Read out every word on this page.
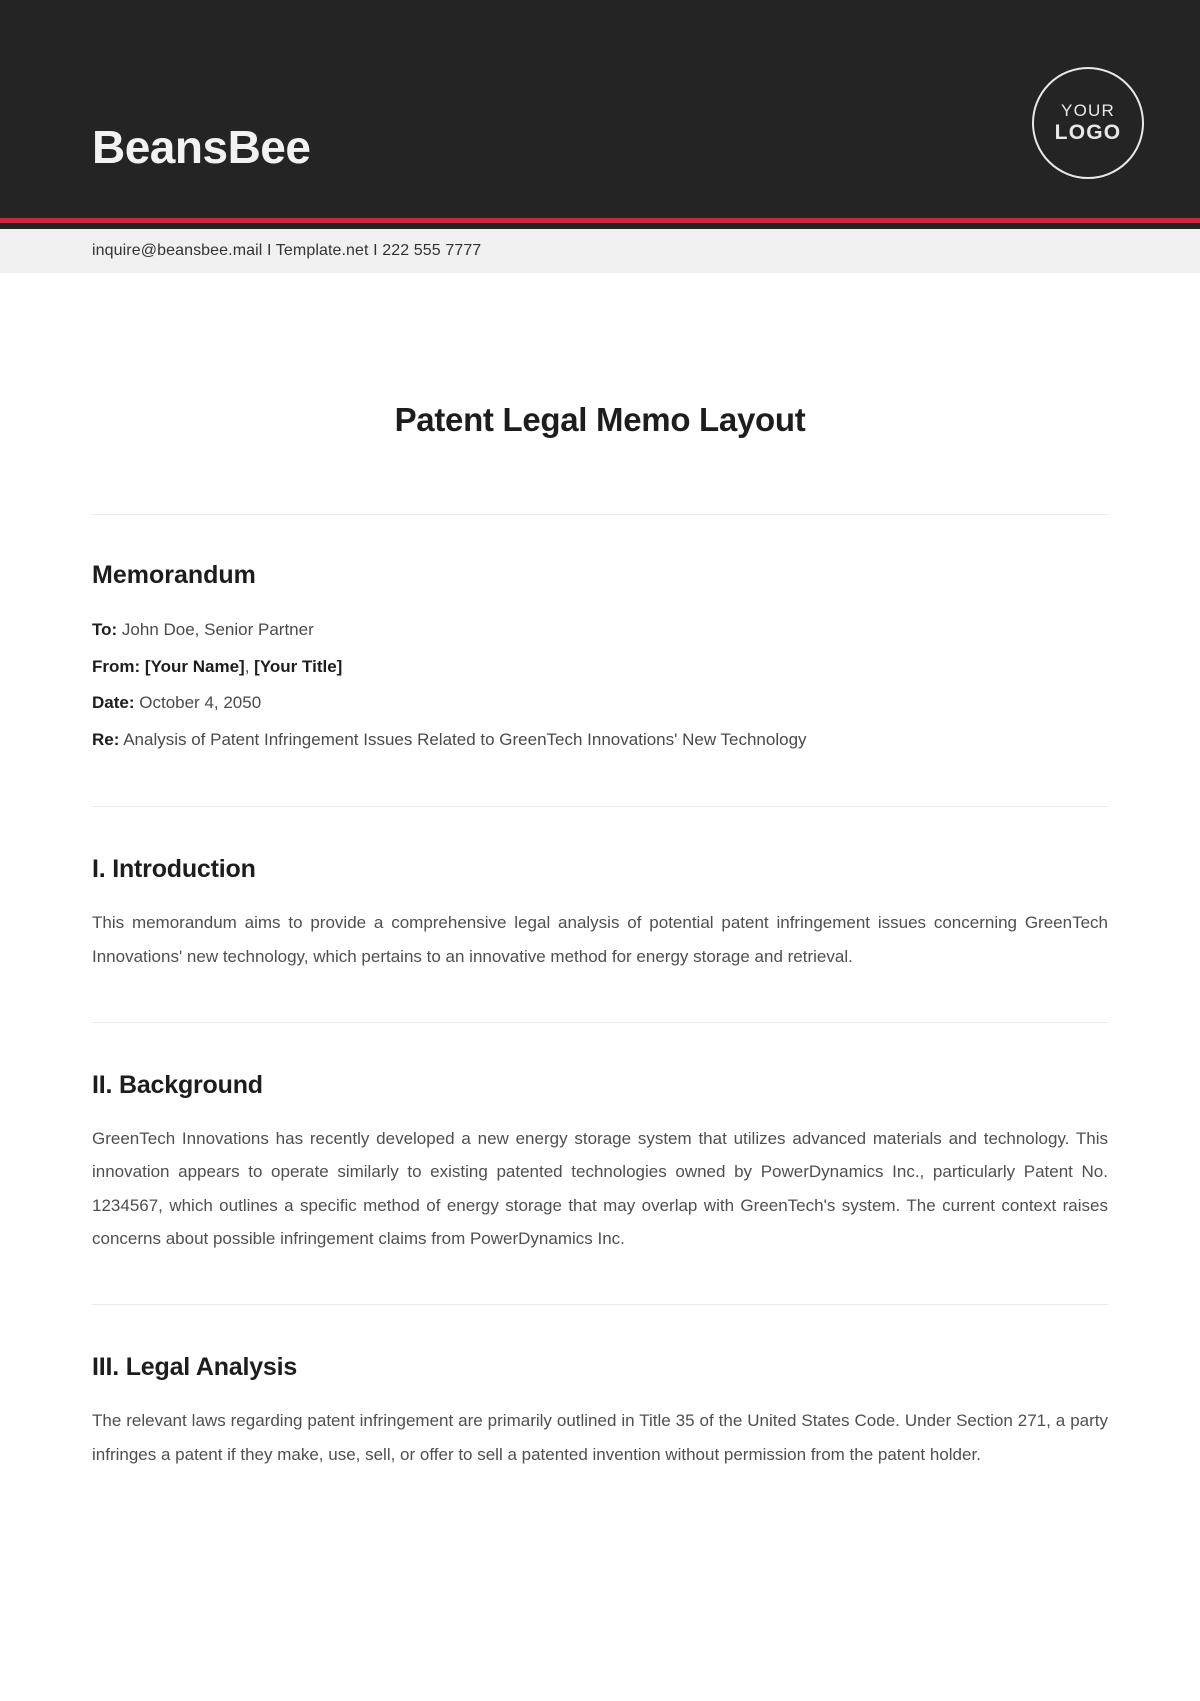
BeansBee
YOUR
LOGO
inquire@beansbee.mail I Template.net I 222 555 7777
Patent Legal Memo Layout
Memorandum
To: John Doe, Senior Partner
From: [Your Name], [Your Title]
Date: October 4, 2050
Re: Analysis of Patent Infringement Issues Related to GreenTech Innovations' New Technology
I. Introduction

This memorandum aims to provide a comprehensive legal analysis of potential patent infringement issues concerning GreenTech Innovations' new technology, which pertains to an innovative method for energy storage and retrieval.

II. Background

GreenTech Innovations has recently developed a new energy storage system that utilizes advanced materials and technology. This innovation appears to operate similarly to existing patented technologies owned by PowerDynamics Inc., particularly Patent No. 1234567, which outlines a specific method of energy storage that may overlap with GreenTech's system. The current context raises concerns about possible infringement claims from PowerDynamics Inc.

III. Legal Analysis

The relevant laws regarding patent infringement are primarily outlined in Title 35 of the United States Code. Under Section 271, a party infringes a patent if they make, use, sell, or offer to sell a patented invention without permission from the patent holder.
